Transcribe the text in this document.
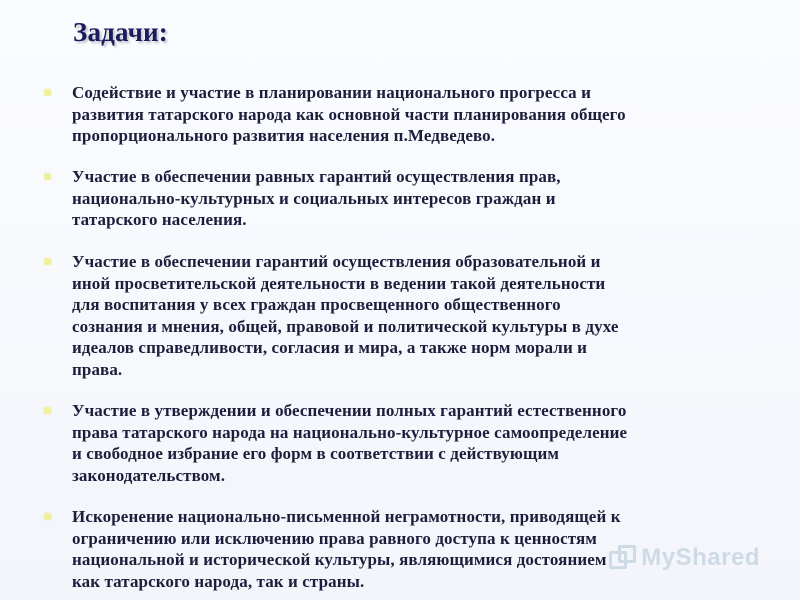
Задачи:

Содействие и участие в планировании национального прогресса и
развития татарского народа как основной части планирования общего
пропорционального развития населения п.Медведево.

Участие в обеспечении равных гарантий осуществления прав,
национально-культурных и социальных интересов граждан и
татарского населения.

Участие в обеспечении гарантий осуществления образовательной и
иной просветительской деятельности в ведении такой деятельности
для воспитания у всех граждан просвещенного общественного
сознания и мнения, общей, правовой и политической культуры в духе
идеалов справедливости, согласия и мира, а также норм морали и
права.

Участие в утверждении и обеспечении полных гарантий естественного
права татарского народа на национально-культурное самоопределение
и свободное избрание его форм в соответствии с действующим
законодательством.

Искоренение национально-письменной неграмотности, приводящей к
ограничению или исключению права равного доступа к ценностям
национальной и исторической культуры, являющимися достоянием
как татарского народа, так и страны.

MyShared
